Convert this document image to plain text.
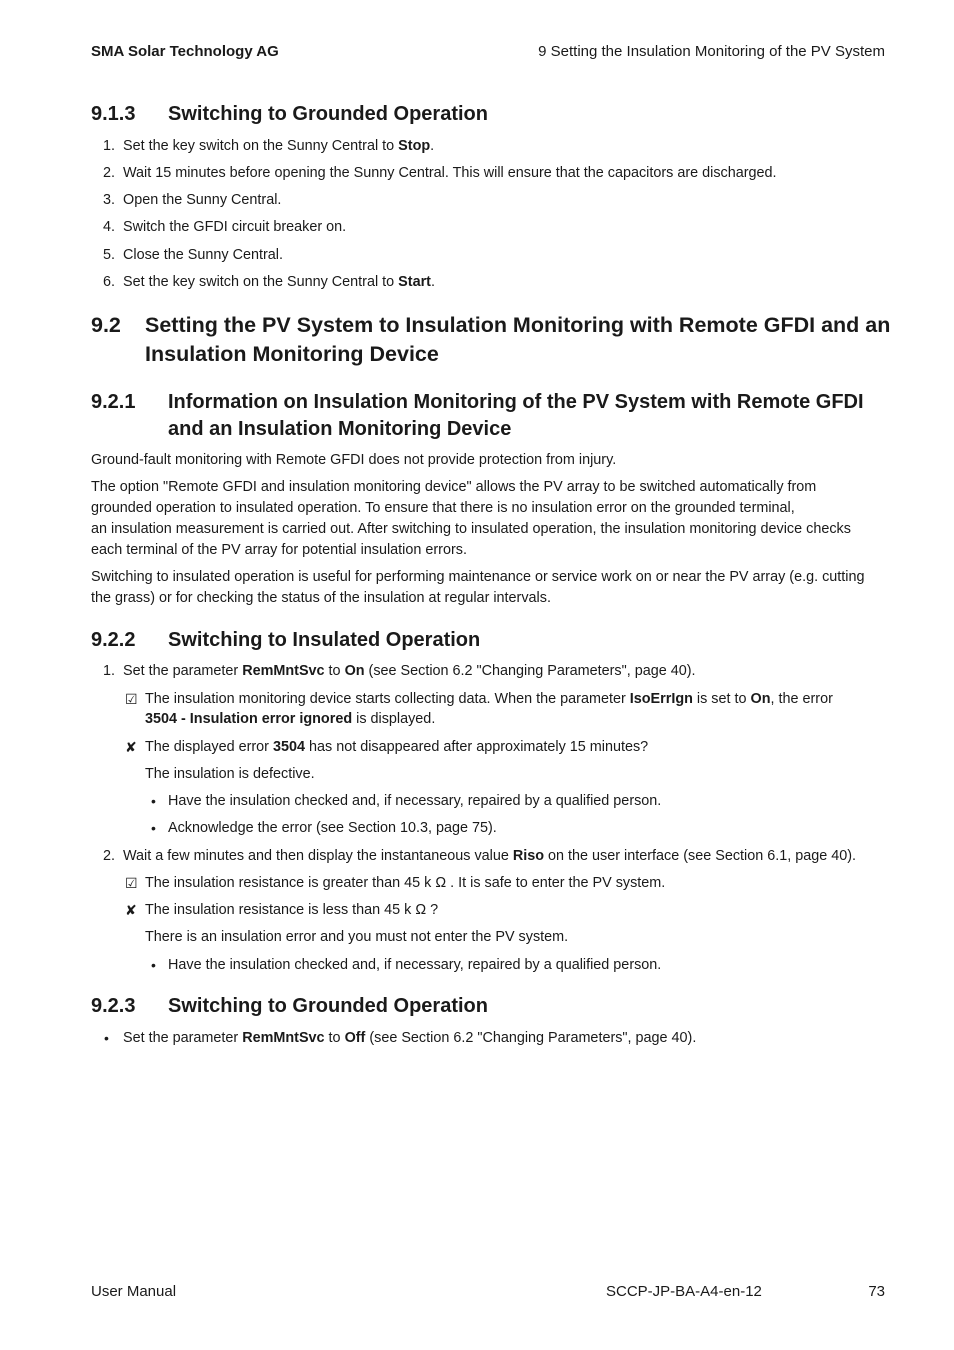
SMA Solar Technology AG	9 Setting the Insulation Monitoring of the PV System
9.1.3 Switching to Grounded Operation
1. Set the key switch on the Sunny Central to Stop.
2. Wait 15 minutes before opening the Sunny Central. This will ensure that the capacitors are discharged.
3. Open the Sunny Central.
4. Switch the GFDI circuit breaker on.
5. Close the Sunny Central.
6. Set the key switch on the Sunny Central to Start.
9.2 Setting the PV System to Insulation Monitoring with Remote GFDI and an
Insulation Monitoring Device
9.2.1	Information on Insulation Monitoring of the PV System with Remote GFDI
and an Insulation Monitoring Device
Ground-fault monitoring with Remote GFDI does not provide protection from injury.
The option "Remote GFDI and insulation monitoring device" allows the PV array to be switched automatically from
grounded operation to insulated operation. To ensure that there is no insulation error on the grounded terminal,
an insulation measurement is carried out. After switching to insulated operation, the insulation monitoring device checks
each terminal of the PV array for potential insulation errors.
Switching to insulated operation is useful for performing maintenance or service work on or near the PV array (e.g. cutting
the grass) or for checking the status of the insulation at regular intervals.
9.2.2 Switching to Insulated Operation
1. Set the parameter RemMntSvc to On (see Section 6.2 "Changing Parameters", page 40).
☑ The insulation monitoring device starts collecting data. When the parameter IsoErrIgn is set to On, the error
3504 - Insulation error ignored is displayed.
✘ The displayed error 3504 has not disappeared after approximately 15 minutes?
The insulation is defective.
• Have the insulation checked and, if necessary, repaired by a qualified person.
• Acknowledge the error (see Section 10.3, page 75).
2. Wait a few minutes and then display the instantaneous value Riso on the user interface (see Section 6.1, page 40).
☑ The insulation resistance is greater than 45 k Ω . It is safe to enter the PV system.
✘ The insulation resistance is less than 45 k Ω ?
There is an insulation error and you must not enter the PV system.
• Have the insulation checked and, if necessary, repaired by a qualified person.
9.2.3 Switching to Grounded Operation
• Set the parameter RemMntSvc to Off (see Section 6.2 "Changing Parameters", page 40).
User Manual	SCCP-JP-BA-A4-en-12	73
